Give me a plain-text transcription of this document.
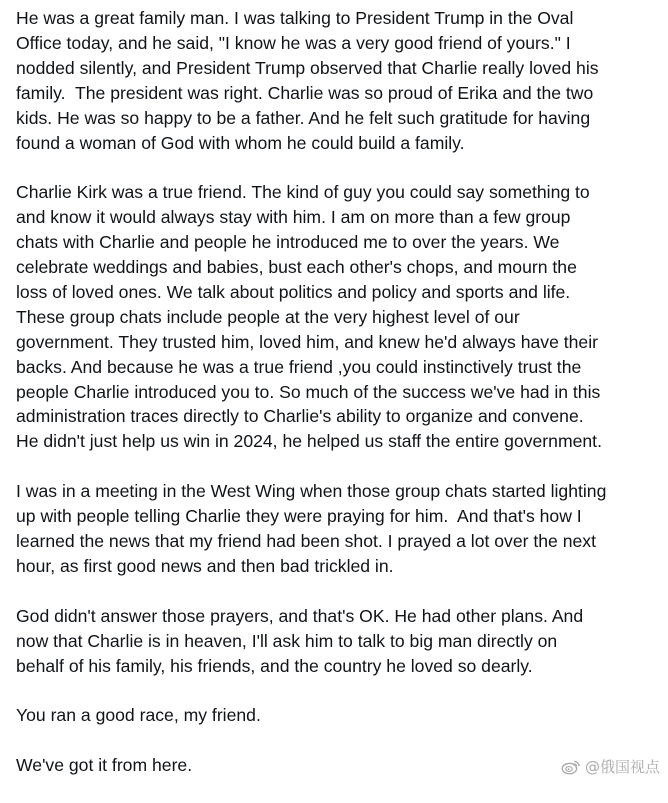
He was a great family man. I was talking to President Trump in the Oval
Office today, and he said, "I know he was a very good friend of yours." I
nodded silently, and President Trump observed that Charlie really loved his
family.  The president was right. Charlie was so proud of Erika and the two
kids. He was so happy to be a father. And he felt such gratitude for having
found a woman of God with whom he could build a family.

Charlie Kirk was a true friend. The kind of guy you could say something to
and know it would always stay with him. I am on more than a few group
chats with Charlie and people he introduced me to over the years. We
celebrate weddings and babies, bust each other's chops, and mourn the
loss of loved ones. We talk about politics and policy and sports and life.
These group chats include people at the very highest level of our
government. They trusted him, loved him, and knew he'd always have their
backs. And because he was a true friend ,you could instinctively trust the
people Charlie introduced you to. So much of the success we've had in this
administration traces directly to Charlie's ability to organize and convene.
He didn't just help us win in 2024, he helped us staff the entire government.

I was in a meeting in the West Wing when those group chats started lighting
up with people telling Charlie they were praying for him.  And that's how I
learned the news that my friend had been shot. I prayed a lot over the next
hour, as first good news and then bad trickled in.

God didn't answer those prayers, and that's OK. He had other plans. And
now that Charlie is in heaven, I'll ask him to talk to big man directly on
behalf of his family, his friends, and the country he loved so dearly.

You ran a good race, my friend.

We've got it from here.	@俄国视点
